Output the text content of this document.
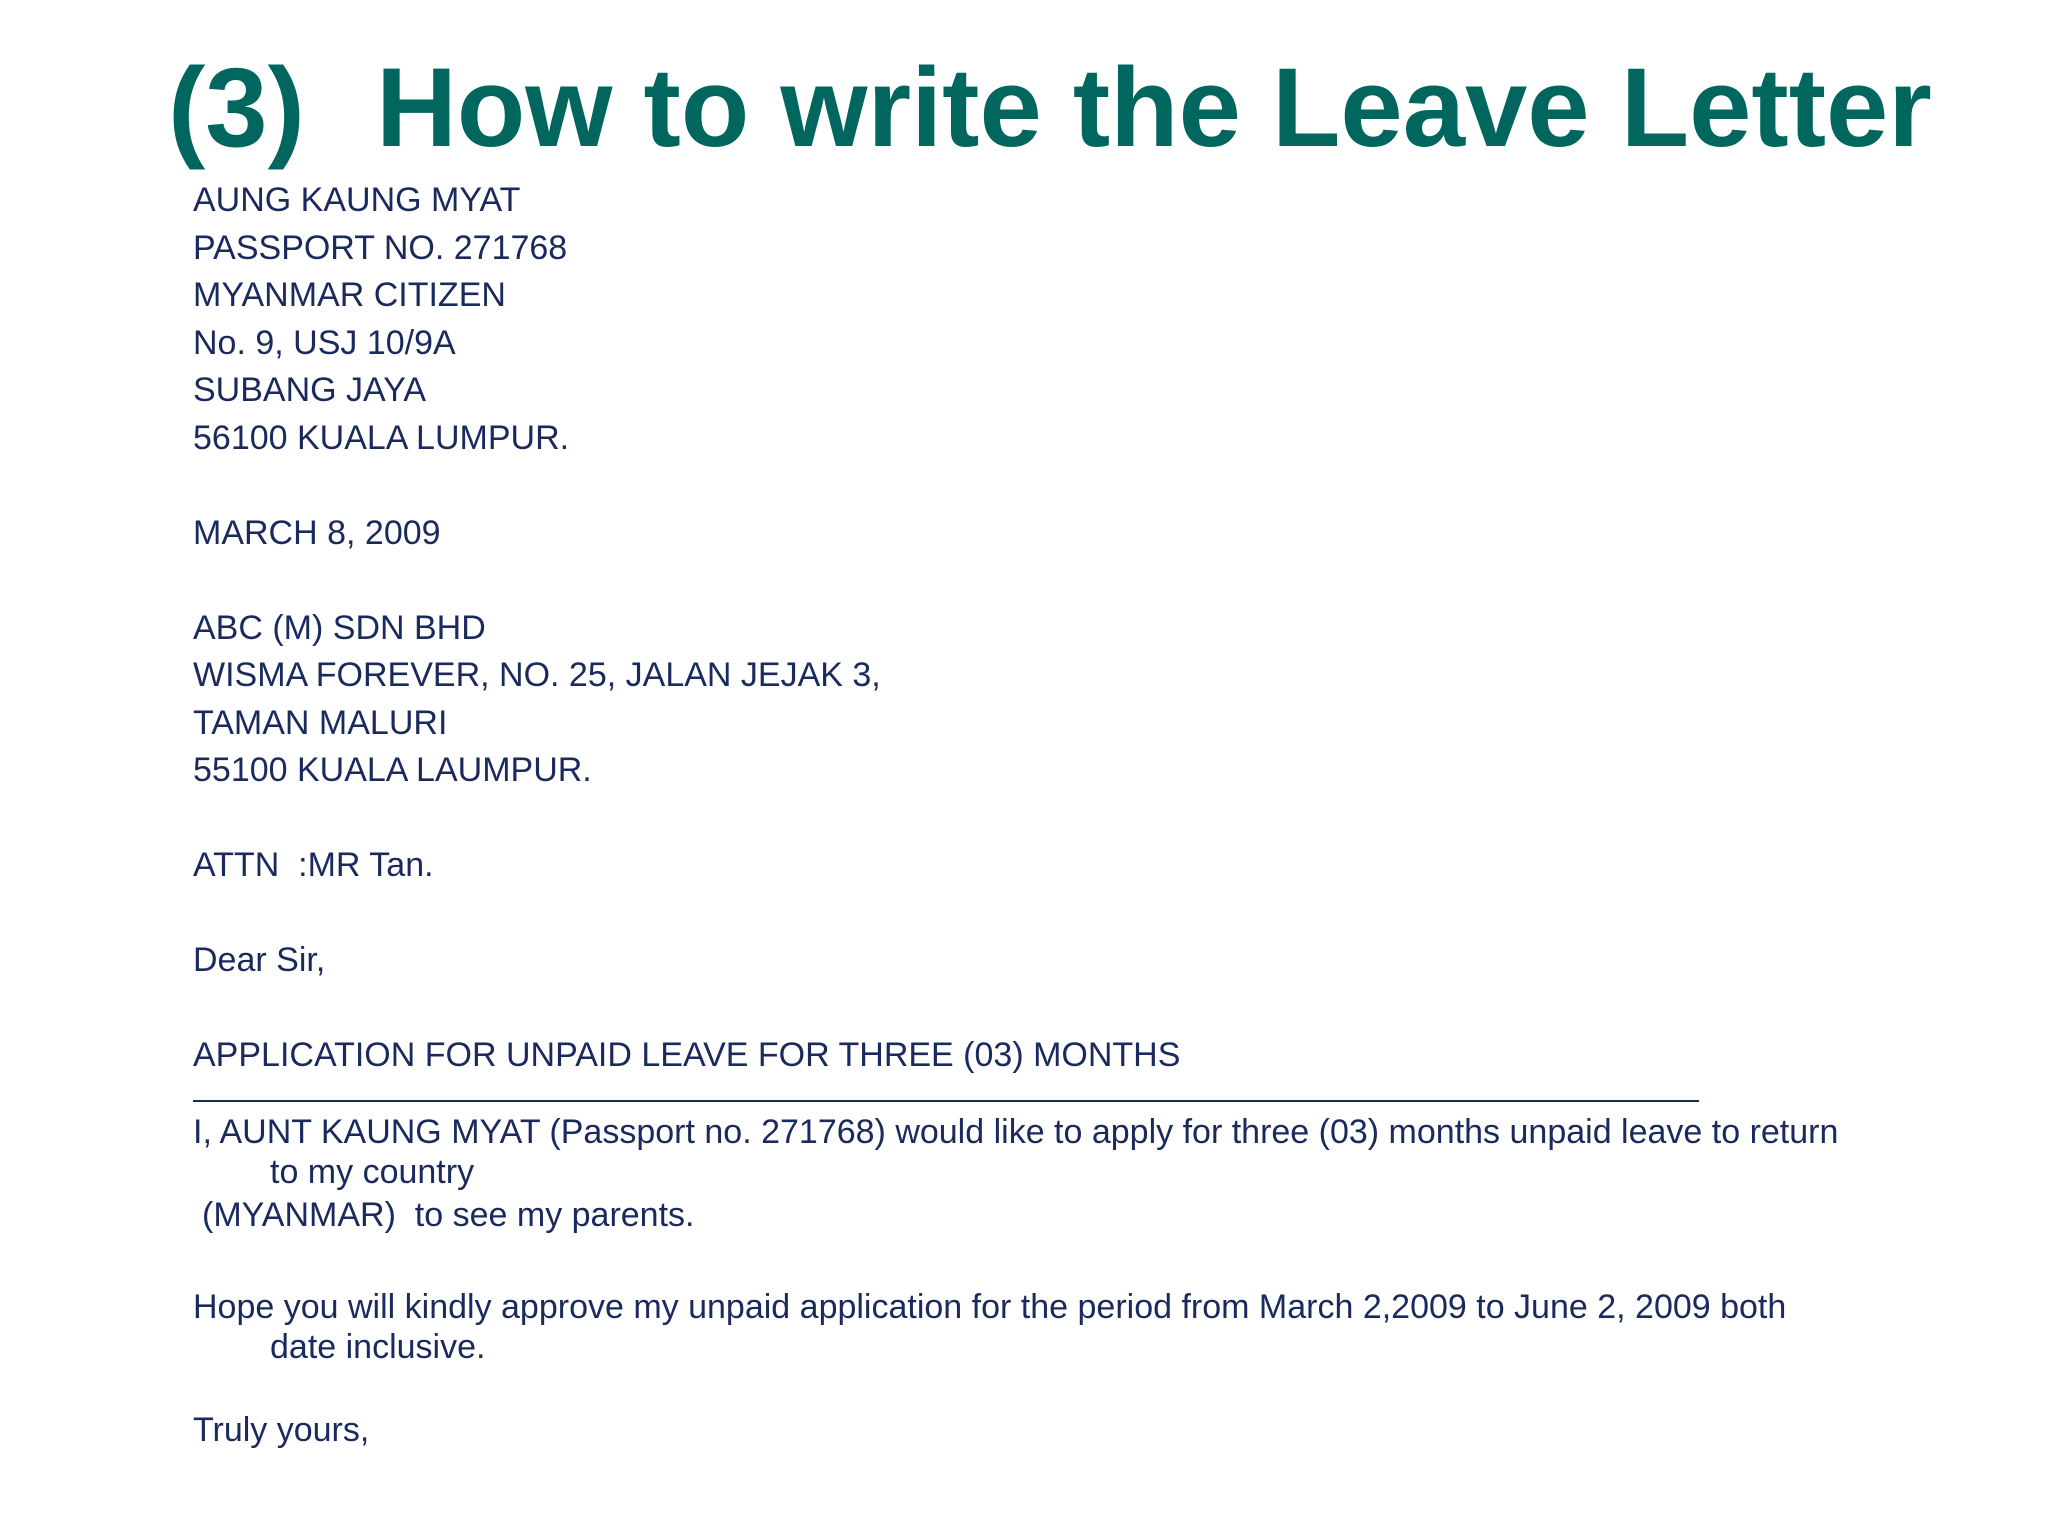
(3) How to write the Leave Letter
AUNG KAUNG MYAT
PASSPORT NO. 271768
MYANMAR CITIZEN
No. 9, USJ 10/9A
SUBANG JAYA
56100 KUALA LUMPUR.
MARCH 8, 2009
ABC (M) SDN BHD
WISMA FOREVER, NO. 25, JALAN JEJAK 3,
TAMAN MALURI
55100 KUALA LAUMPUR.
ATTN  :MR Tan.
Dear Sir,
APPLICATION FOR UNPAID LEAVE FOR THREE (03) MONTHS
I, AUNT KAUNG MYAT (Passport no. 271768) would like to apply for three (03) months unpaid leave to return
to my country
(MYANMAR)  to see my parents.
Hope you will kindly approve my unpaid application for the period from March 2,2009 to June 2, 2009 both
date inclusive.
Truly yours,
